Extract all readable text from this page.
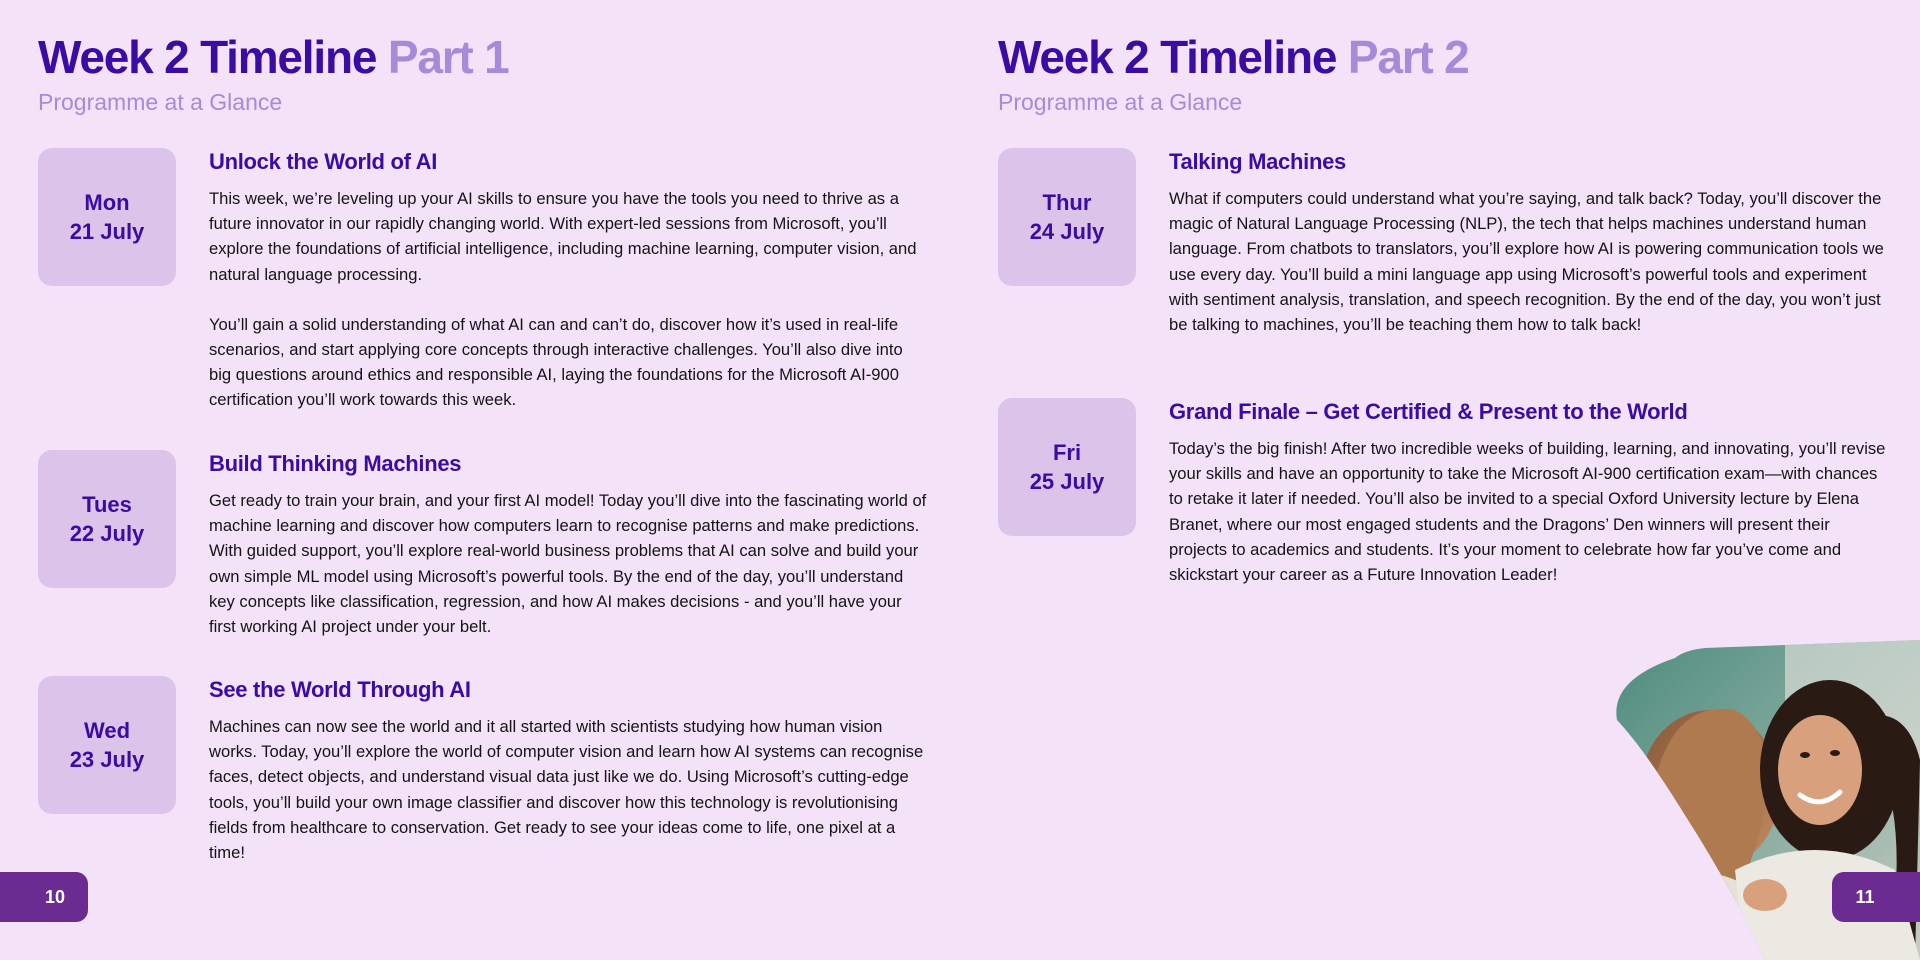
Week 2 Timeline Part 1
Programme at a Glance
Mon
21 July
Unlock the World of AI

This week, we’re leveling up your AI skills to ensure you have the tools you need to thrive as a future innovator in our rapidly changing world. With expert-led sessions from Microsoft, you’ll explore the foundations of artificial intelligence, including machine learning, computer vision, and natural language processing.

You’ll gain a solid understanding of what AI can and can’t do, discover how it’s used in real-life scenarios, and start applying core concepts through interactive challenges. You’ll also dive into big questions around ethics and responsible AI, laying the foundations for the Microsoft AI-900 certification you’ll work towards this week.

Tues
22 July
Build Thinking Machines

Get ready to train your brain, and your first AI model! Today you’ll dive into the fascinating world of machine learning and discover how computers learn to recognise patterns and make predictions. With guided support, you’ll explore real-world business problems that AI can solve and build your own simple ML model using Microsoft’s powerful tools. By the end of the day, you’ll understand key concepts like classification, regression, and how AI makes decisions - and you’ll have your first working AI project under your belt.

Wed
23 July
See the World Through AI

Machines can now see the world and it all started with scientists studying how human vision works. Today, you’ll explore the world of computer vision and learn how AI systems can recognise faces, detect objects, and understand visual data just like we do. Using Microsoft’s cutting-edge tools, you’ll build your own image classifier and discover how this technology is revolutionising fields from healthcare to conservation. Get ready to see your ideas come to life, one pixel at a time!

10
Week 2 Timeline Part 2
Programme at a Glance
Thur
24 July
Talking Machines

What if computers could understand what you’re saying, and talk back? Today, you’ll discover the magic of Natural Language Processing (NLP), the tech that helps machines understand human language. From chatbots to translators, you’ll explore how AI is powering communication tools we use every day. You’ll build a mini language app using Microsoft’s powerful tools and experiment with sentiment analysis, translation, and speech recognition. By the end of the day, you won’t just be talking to machines, you’ll be teaching them how to talk back!

Fri
25 July
Grand Finale – Get Certified & Present to the World

Today’s the big finish! After two incredible weeks of building, learning, and innovating, you’ll revise your skills and have an opportunity to take the Microsoft AI-900 certification exam—with chances to retake it later if needed. You’ll also be invited to a special Oxford University lecture by Elena Branet, where our most engaged students and the Dragons’ Den winners will present their projects to academics and students. It’s your moment to celebrate how far you’ve come and skickstart your career as a Future Innovation Leader!

11
